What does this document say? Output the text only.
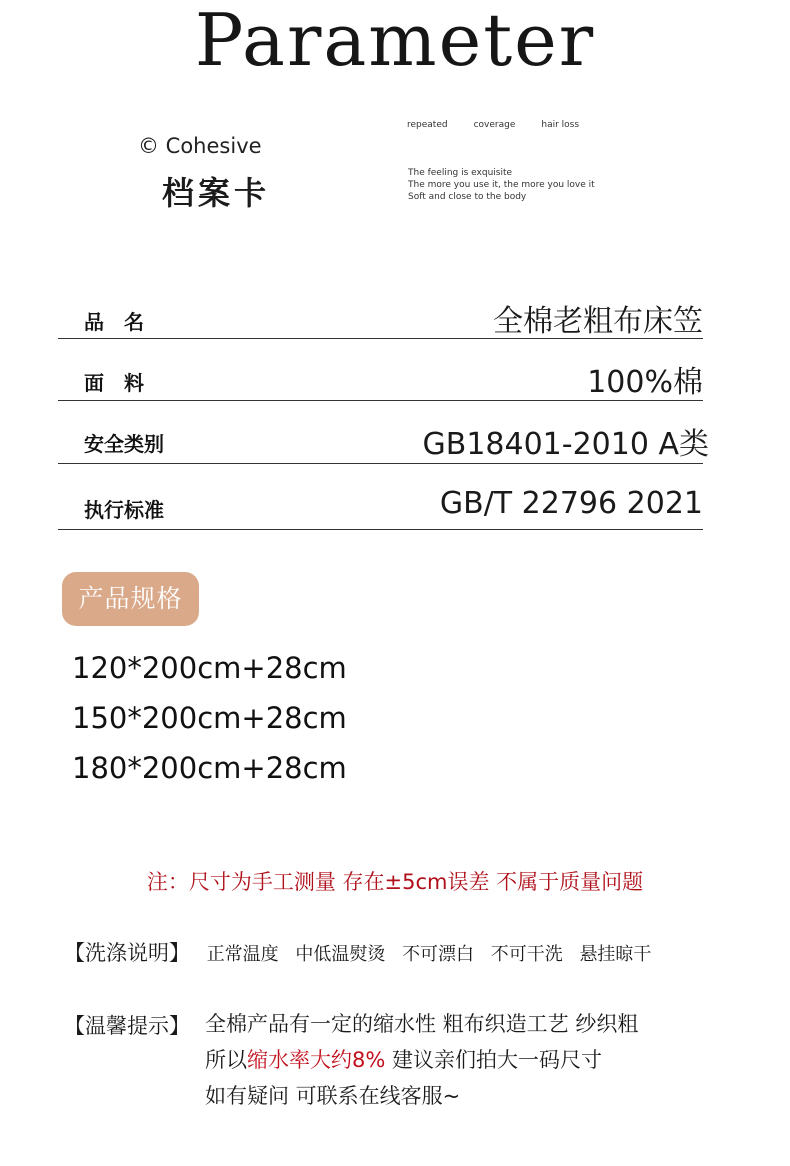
Parameter
© Cohesive
档案卡
repeated	coverage	hair loss
The feeling is exquisite
The more you use it, the more you love it
Soft and close to the body
品　名	全棉老粗布床笠
面　料	100%棉
安全类别	GB18401-2010 A类
执行标准	GB/T 22796 2021
产品规格
120*200cm+28cm
150*200cm+28cm
180*200cm+28cm
注：尺寸为手工测量 存在±5cm误差 不属于质量问题
【洗涤说明】 正常温度 中低温熨烫 不可漂白 不可干洗 悬挂晾干
【温馨提示】 全棉产品有一定的缩水性 粗布织造工艺 纱织粗
所以缩水率大约8% 建议亲们拍大一码尺寸
如有疑问 可联系在线客服~
